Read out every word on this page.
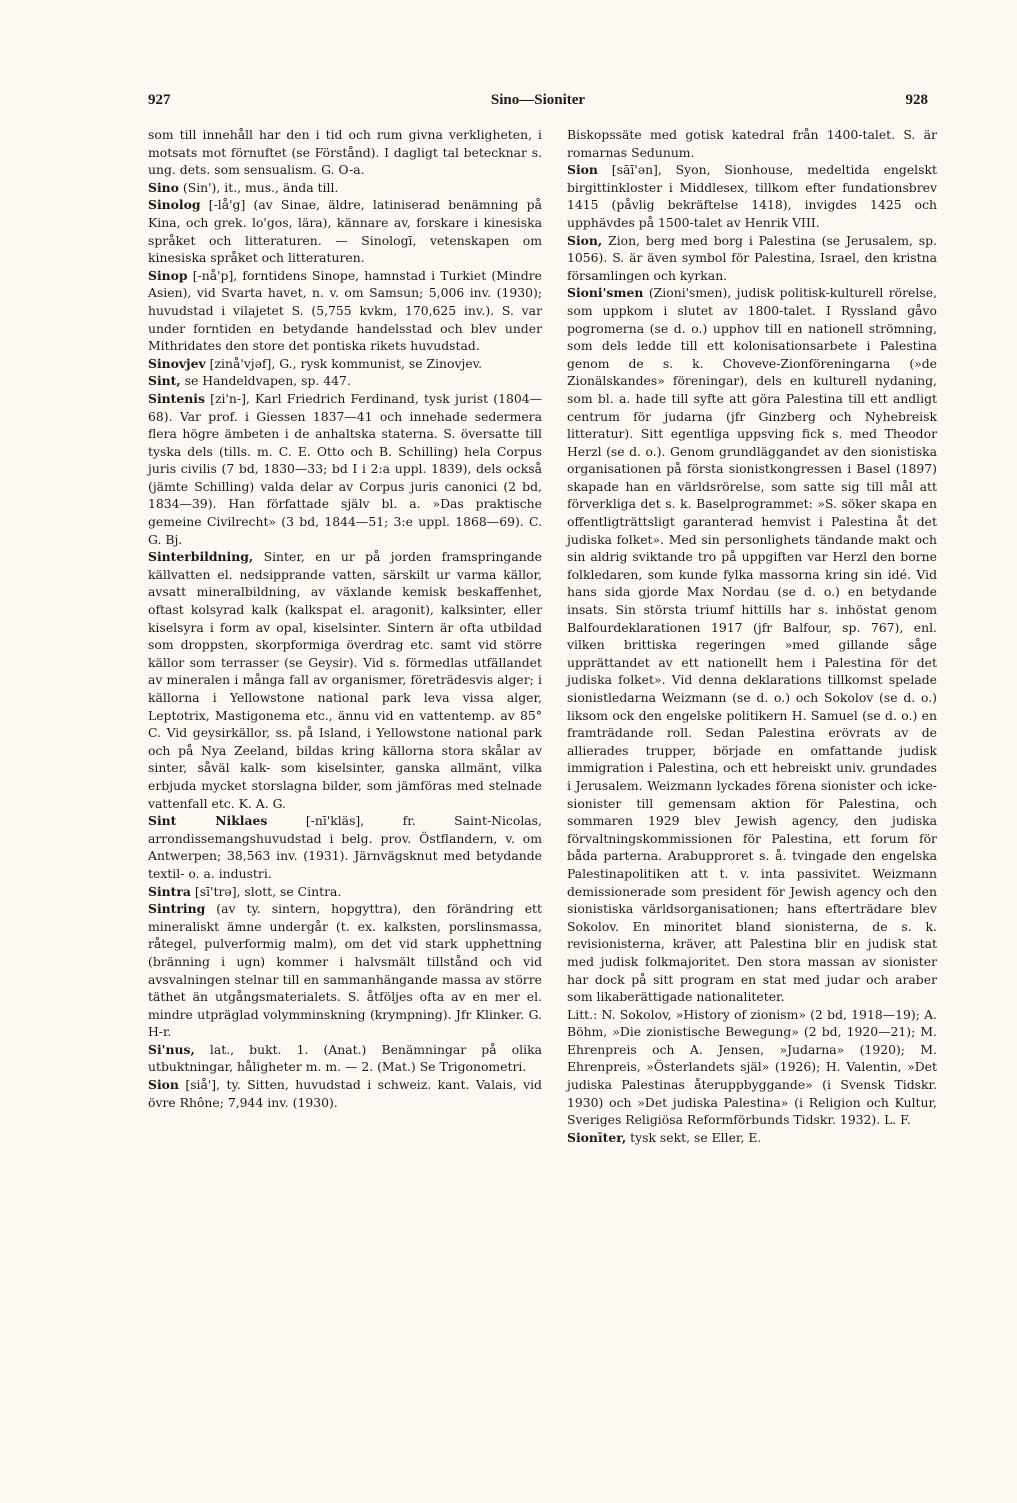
927	Sino—Sioniter	928

som till innehåll har den i tid och rum givna verkligheten, i motsats mot förnuftet (se Förstånd). I dagligt tal betecknar s. ung. dets. som sensualism. G. O-a.

Sino (Sin'), it., mus., ända till.

Sinolog [-lå'g] (av Sinae, äldre, latiniserad benämning på Kina, och grek. lo'gos, lära), kännare av, forskare i kinesiska språket och litteraturen. — Sinologī, vetenskapen om kinesiska språket och litteraturen.

Sinop [-nå'p], forntidens Sinope, hamnstad i Turkiet (Mindre Asien), vid Svarta havet, n. v. om Samsun; 5,006 inv. (1930); huvudstad i vilajetet S. (5,755 kvkm, 170,625 inv.). S. var under forntiden en betydande handelsstad och blev under Mithridates den store det pontiska rikets huvudstad.

Sinovjev [zinå'vjəf], G., rysk kommunist, se Zinovjev.

Sint, se Handeldvapen, sp. 447.

Sintenis [zi'n-], Karl Friedrich Ferdinand, tysk jurist (1804—68). Var prof. i Giessen 1837—41 och innehade sedermera flera högre ämbeten i de anhaltska staterna. S. översatte till tyska dels (tills. m. C. E. Otto och B. Schilling) hela Corpus juris civilis (7 bd, 1830—33; bd I i 2:a uppl. 1839), dels också (jämte Schilling) valda delar av Corpus juris canonici (2 bd, 1834—39). Han författade själv bl. a. »Das praktische gemeine Civilrecht» (3 bd, 1844—51; 3:e uppl. 1868—69). C. G. Bj.

Sinterbildning, Sinter, en ur på jorden framspringande källvatten el. nedsipprande vatten, särskilt ur varma källor, avsatt mineralbildning, av växlande kemisk beskaffenhet, oftast kolsyrad kalk (kalkspat el. aragonit), kalksinter, eller kiselsyra i form av opal, kiselsinter. Sintern är ofta utbildad som droppsten, skorpformiga överdrag etc. samt vid större källor som terrasser (se Geysir). Vid s. förmedlas utfällandet av mineralen i många fall av organismer, företrädesvis alger; i källorna i Yellowstone national park leva vissa alger, Leptotrix, Mastigonema etc., ännu vid en vattentemp. av 85° C. Vid geysirkällor, ss. på Island, i Yellowstone national park och på Nya Zeeland, bildas kring källorna stora skålar av sinter, såväl kalk- som kiselsinter, ganska allmänt, vilka erbjuda mycket storslagna bilder, som jämföras med stelnade vattenfall etc. K. A. G.

Sint Niklaes	[-nī'kläs], fr. Saint-Nicolas, arrondissemangshuvudstad i belg. prov. Östflandern, v. om Antwerpen; 38,563 inv. (1931). Järnvägsknut med betydande textil- o. a. industri.

Sintra [sī'trə], slott, se Cintra.

Sintring (av ty. sintern, hopgyttra), den förändring ett mineraliskt ämne undergår (t. ex. kalksten, porslinsmassa, råtegel, pulverformig malm), om det vid stark upphettning (bränning i ugn) kommer i halvsmält tillstånd och vid avsvalningen stelnar till en sammanhängande massa av större täthet än utgångsmaterialets. S. åtföljes ofta av en mer el. mindre utpräglad volymminskning (krympning). Jfr Klinker. G. H-r.

Si'nus, lat., bukt. 1. (Anat.) Benämningar på olika utbuktningar, håligheter m. m. — 2. (Mat.) Se Trigonometri.

Sion [siå'], ty. Sitten, huvudstad i schweiz. kant. Valais, vid övre Rhône; 7,944 inv. (1930).

Biskopssäte med gotisk katedral från 1400-talet. S. är romarnas Sedunum.

Sion [sāī'ən], Syon, Sionhouse, medeltida engelskt birgittinkloster i Middlesex, tillkom efter fundationsbrev 1415 (påvlig bekräftelse 1418), invigdes 1425 och upphävdes på 1500-talet av Henrik VIII.

Sion, Zion, berg med borg i Palestina (se Jerusalem, sp. 1056). S. är även symbol för Palestina, Israel, den kristna församlingen och kyrkan.

Sioni'smen (Zioni'smen), judisk politisk-kulturell rörelse, som uppkom i slutet av 1800-talet. I Ryssland gåvo pogromerna (se d. o.) upphov till en nationell strömning, som dels ledde till ett kolonisationsarbete i Palestina genom de s. k. Choveve-Zionföreningarna (»de Zionälskandes» föreningar), dels en kulturell nydaning, som bl. a. hade till syfte att göra Palestina till ett andligt centrum för judarna (jfr Ginzberg och Nyhebreisk litteratur). Sitt egentliga uppsving fick s. med Theodor Herzl (se d. o.). Genom grundläggandet av den sionistiska organisationen på första sionistkongressen i Basel (1897) skapade han en världsrörelse, som satte sig till mål att förverkliga det s. k. Baselprogrammet: »S. söker skapa en offentligträttsligt garanterad hemvist i Palestina åt det judiska folket». Med sin personlighets tändande makt och sin aldrig sviktande tro på uppgiften var Herzl den borne folkledaren, som kunde fylka massorna kring sin idé. Vid hans sida gjorde Max Nordau (se d. o.) en betydande insats. Sin största triumf hittills har s. inhöstat genom Balfourdeklarationen 1917 (jfr Balfour, sp. 767), enl. vilken brittiska regeringen »med gillande såge upprättandet av ett nationellt hem i Palestina för det judiska folket». Vid denna deklarations tillkomst spelade sionistledarna Weizmann (se d. o.) och Sokolov (se d. o.) liksom ock den engelske politikern H. Samuel (se d. o.) en framträdande roll. Sedan Palestina erövrats av de allierades trupper, började en omfattande judisk immigration i Palestina, och ett hebreiskt univ. grundades i Jerusalem. Weizmann lyckades förena sionister och icke-sionister till gemensam aktion för Palestina, och sommaren 1929 blev Jewish agency, den judiska förvaltningskommissionen för Palestina, ett forum för båda parterna. Arabupproret s. å. tvingade den engelska Palestinapolitiken att t. v. inta passivitet. Weizmann demissionerade som president för Jewish agency och den sionistiska världsorganisationen; hans efterträdare blev Sokolov. En minoritet bland sionisterna, de s. k. revisionisterna, kräver, att Palestina blir en judisk stat med judisk folkmajoritet. Den stora massan av sionister har dock på sitt program en stat med judar och araber som likaberättigade nationaliteter.

Litt.: N. Sokolov, »History of zionism» (2 bd, 1918—19); A. Böhm, »Die zionistische Bewegung» (2 bd, 1920—21); M. Ehrenpreis och A. Jensen, »Judarna» (1920); M. Ehrenpreis, »Österlandets själ» (1926); H. Valentin, »Det judiska Palestinas återuppbyggande» (i Svensk Tidskr. 1930) och »Det judiska Palestina» (i Religion och Kultur, Sveriges Religiösa Reformförbunds Tidskr. 1932). L. F.

Sionīter, tysk sekt, se Eller, E.
